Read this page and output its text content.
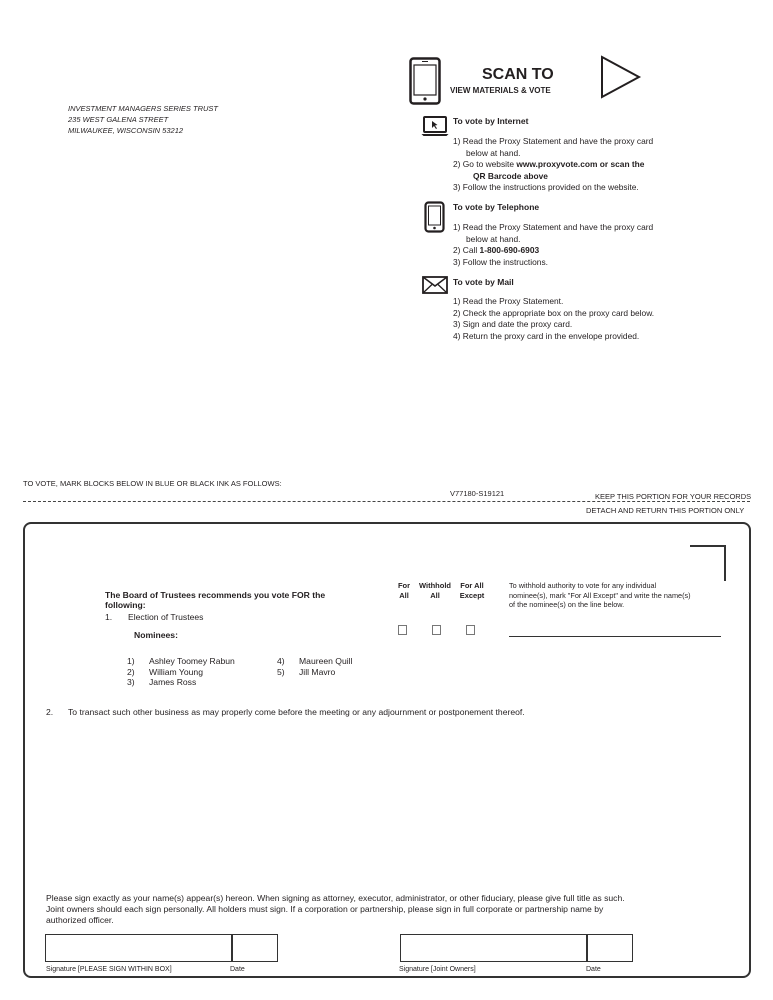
INVESTMENT MANAGERS SERIES TRUST
235 WEST GALENA STREET
MILWAUKEE, WISCONSIN 53212
SCAN TO
VIEW MATERIALS & VOTE
To vote by Internet
1) Read the Proxy Statement and have the proxy card
below at hand.
2) Go to website www.proxyvote.com or scan the
QR Barcode above
3) Follow the instructions provided on the website.
To vote by Telephone
1) Read the Proxy Statement and have the proxy card
below at hand.
2) Call 1-800-690-6903
3) Follow the instructions.
To vote by Mail
1) Read the Proxy Statement.
2) Check the appropriate box on the proxy card below.
3) Sign and date the proxy card.
4) Return the proxy card in the envelope provided.
TO VOTE, MARK BLOCKS BELOW IN BLUE OR BLACK INK AS FOLLOWS:
V77180-S19121	KEEP THIS PORTION FOR YOUR RECORDS
DETACH AND RETURN THIS PORTION ONLY
The Board of Trustees recommends you vote FOR the following:
1. Election of Trustees
Nominees:
1) Ashley Toomey Rabun
2) William Young
3) James Ross
4) Maureen Quill
5) Jill Mavro
For All
Withhold All
For All Except
To withhold authority to vote for any individual nominee(s), mark "For All Except" and write the name(s) of the nominee(s) on the line below.
2. To transact such other business as may properly come before the meeting or any adjournment or postponement thereof.
Please sign exactly as your name(s) appear(s) hereon. When signing as attorney, executor, administrator, or other fiduciary, please give full title as such. Joint owners should each sign personally. All holders must sign. If a corporation or partnership, please sign in full corporate or partnership name by authorized officer.
Signature [PLEASE SIGN WITHIN BOX]	Date	Signature [Joint Owners]	Date
